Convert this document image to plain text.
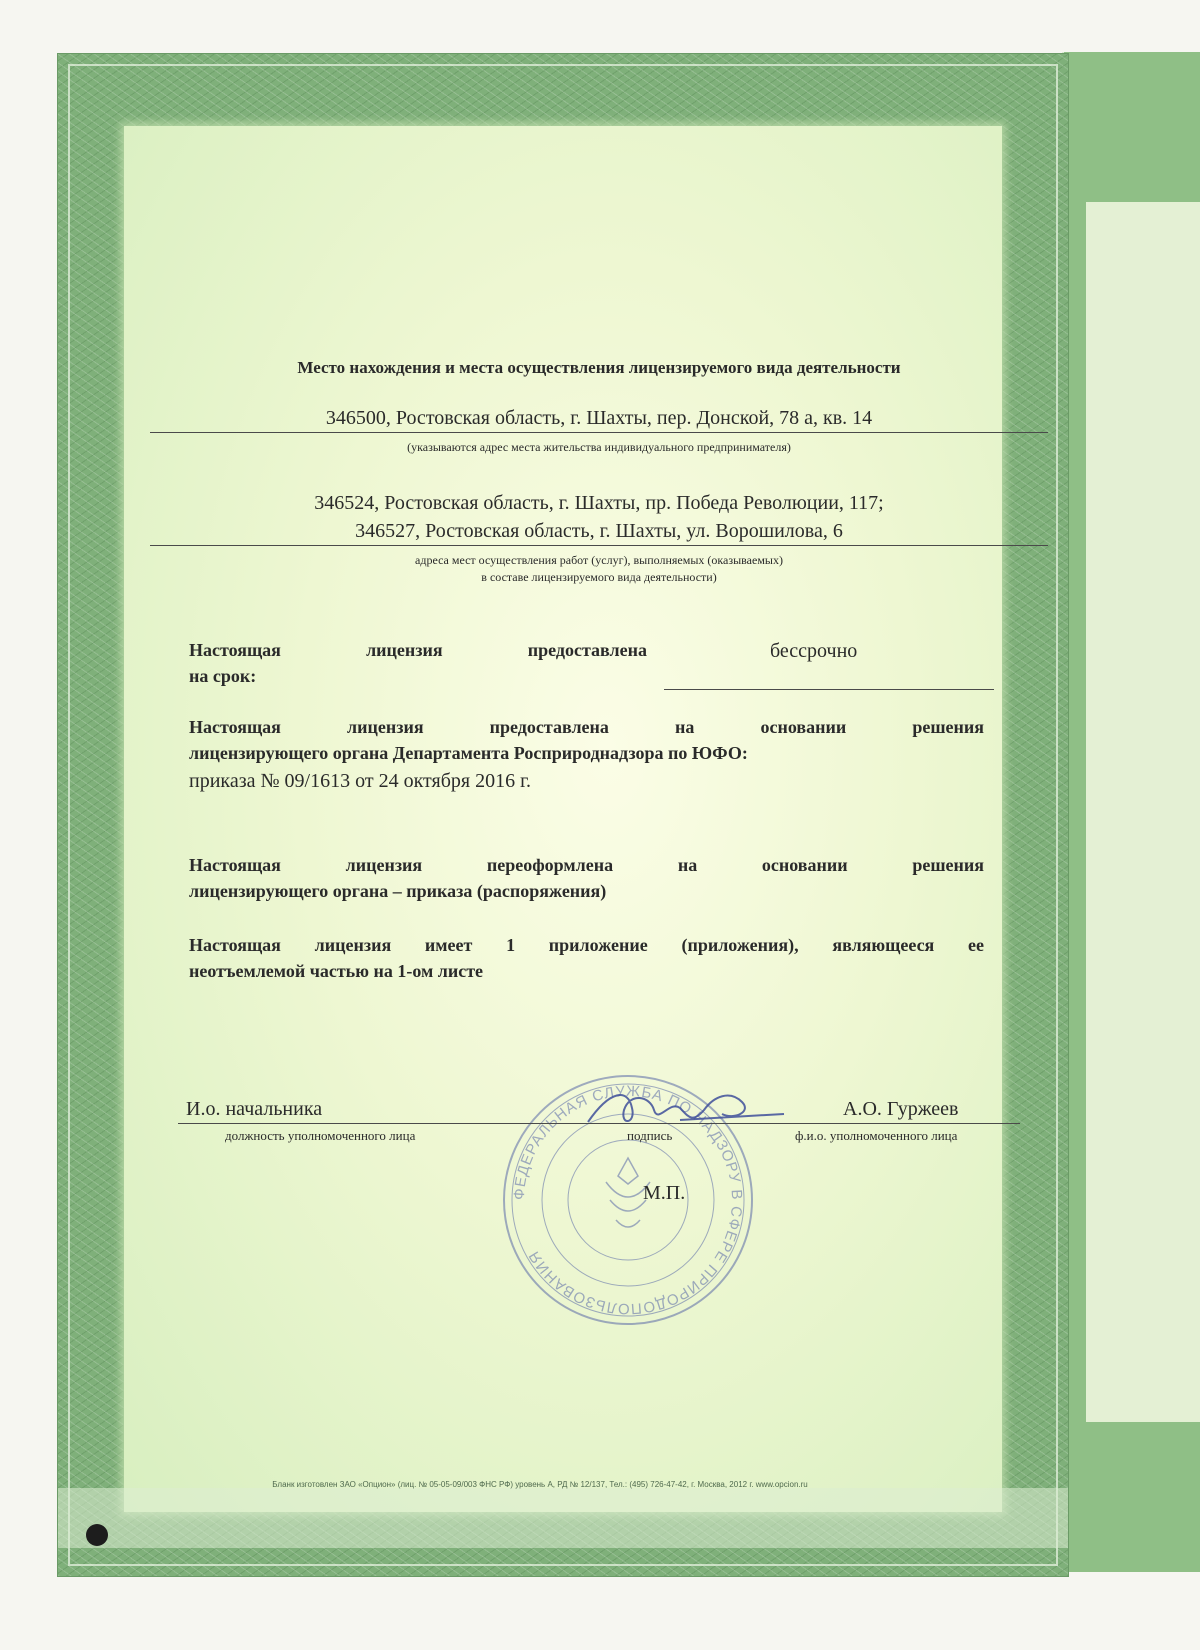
Бланк изготовлен ЗАО «Опцион» (лиц. № 05-05-09/003 ФНС РФ) уровень А, РД № 12/137, Тел.: (495) 726-47-42, г. Москва, 2012 г. www.opcion.ru
Место нахождения и места осуществления лицензируемого вида деятельности
346500, Ростовская область, г. Шахты, пер. Донской, 78 а, кв. 14
(указываются адрес места жительства индивидуального предпринимателя)
346524, Ростовская область, г. Шахты, пр. Победа Революции, 117;
346527, Ростовская область, г. Шахты, ул. Ворошилова, 6
адреса мест осуществления работ (услуг), выполняемых (оказываемых)
в составе лицензируемого вида деятельности)
Настоящая лицензия предоставлена
на срок:
бессрочно
Настоящая лицензия предоставлена на основании решения
лицензирующего органа Департамента Росприроднадзора по ЮФО:
приказа № 09/1613 от 24 октября 2016 г.
Настоящая лицензия переоформлена на основании решения
лицензирующего органа – приказа (распоряжения)
Настоящая лицензия имеет 1 приложение (приложения), являющееся ее
неотъемлемой частью на 1-ом листе
ФЕДЕРАЛЬНАЯ СЛУЖБА ПО НАДЗОРУ В СФЕРЕ ПРИРОДОПОЛЬЗОВАНИЯ
И.о. начальника	А.О. Гуржеев
должность уполномоченного лица	подпись	ф.и.о. уполномоченного лица
М.П.
